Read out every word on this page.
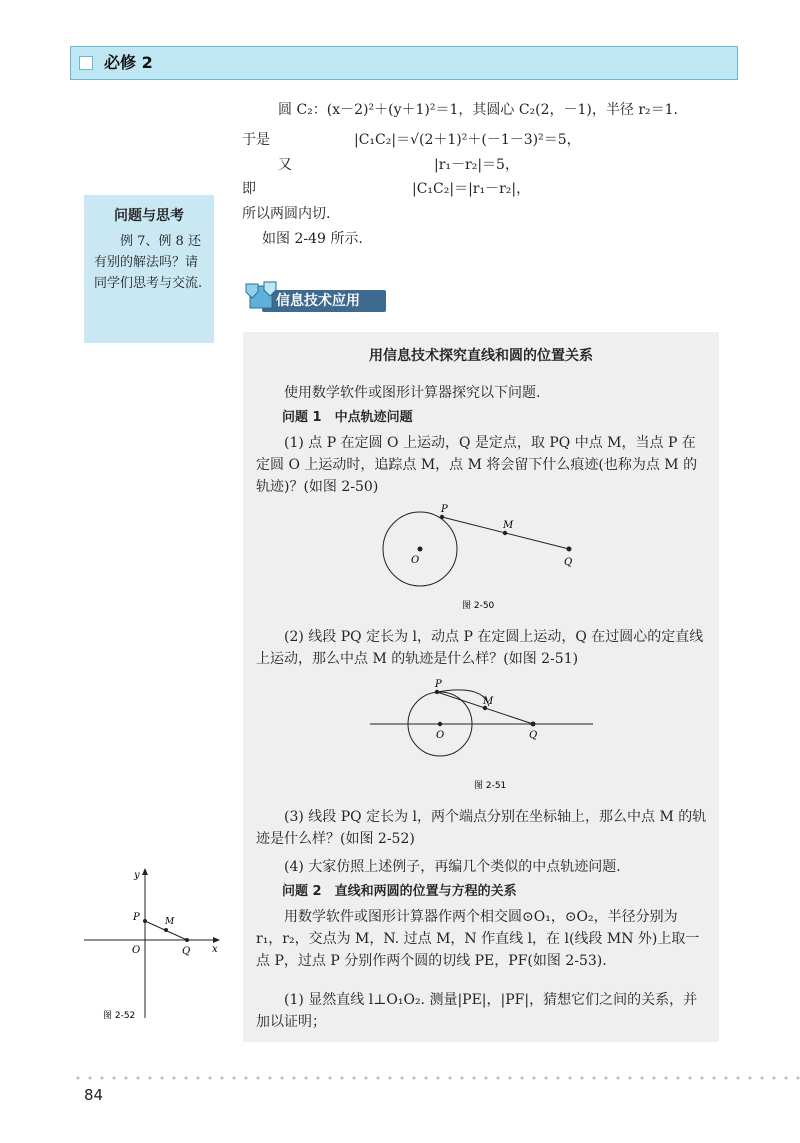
必修 2
圆 C₂：(x－2)²＋(y＋1)²＝1，其圆心 C₂(2，－1)，半径 r₂＝1.
于是	|C₁C₂|＝√(2＋1)²＋(－1－3)²＝5，
又	|r₁－r₂|＝5，
即	|C₁C₂|＝|r₁－r₂|，
所以两圆内切.
如图 2-49 所示.
问题与思考
例 7、例 8 还有别的解法吗？请同学们思考与交流.
信息技术应用
用信息技术探究直线和圆的位置关系
使用数学软件或图形计算器探究以下问题.
问题 1　中点轨迹问题
(1) 点 P 在定圆 O 上运动，Q 是定点，取 PQ 中点 M，当点 P 在定圆 O 上运动时，追踪点 M，点 M 将会留下什么痕迹(也称为点 M 的轨迹)？(如图 2-50)
P
M
O	Q
图 2-50
(2) 线段 PQ 定长为 l，动点 P 在定圆上运动，Q 在过圆心的定直线上运动，那么中点 M 的轨迹是什么样？(如图 2-51)
P
M
O	Q
图 2-51
(3) 线段 PQ 定长为 l，两个端点分别在坐标轴上，那么中点 M 的轨迹是什么样？(如图 2-52)
(4) 大家仿照上述例子，再编几个类似的中点轨迹问题.
问题 2　直线和两圆的位置与方程的关系
用数学软件或图形计算器作两个相交圆⊙O₁，⊙O₂，半径分别为 r₁，r₂，交点为 M，N. 过点 M，N 作直线 l，在 l(线段 MN 外)上取一点 P，过点 P 分别作两个圆的切线 PE，PF(如图 2-53).
(1) 显然直线 l⊥O₁O₂. 测量|PE|，|PF|，猜想它们之间的关系，并加以证明；
y
x
P	M
O	Q
图 2-52
84
